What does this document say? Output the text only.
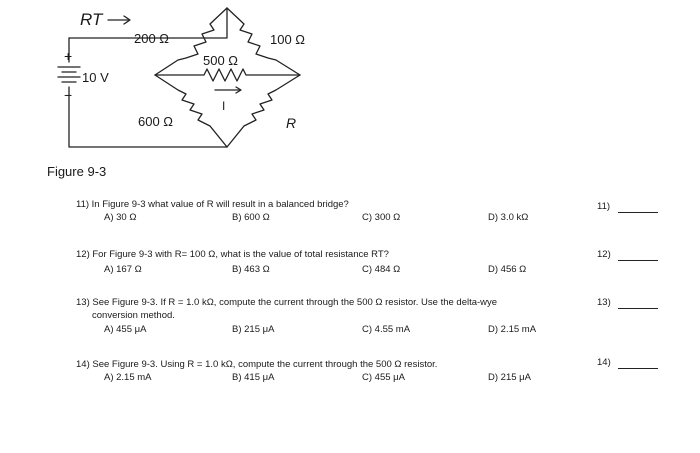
RT
+
10 V
−
200 Ω	100 Ω
500 Ω
600 Ω	R
I
Figure 9-3
11) In Figure 9-3 what value of R will result in a balanced bridge?
A) 30 Ω	B) 600 Ω	C) 300 Ω	D) 3.0 kΩ
11)
12) For Figure 9-3 with R= 100 Ω, what is the value of total resistance RT?
A) 167 Ω	B) 463 Ω	C) 484 Ω	D) 456 Ω
12)
13) See Figure 9-3. If R = 1.0 kΩ, compute the current through the 500 Ω resistor. Use the delta-wye
conversion method.
A) 455 μA	B) 215 μA	C) 4.55 mA	D) 2.15 mA
13)
14) See Figure 9-3. Using R = 1.0 kΩ, compute the current through the 500 Ω resistor.
A) 2.15 mA	B) 415 μA	C) 455 μA	D) 215 μA
14)
